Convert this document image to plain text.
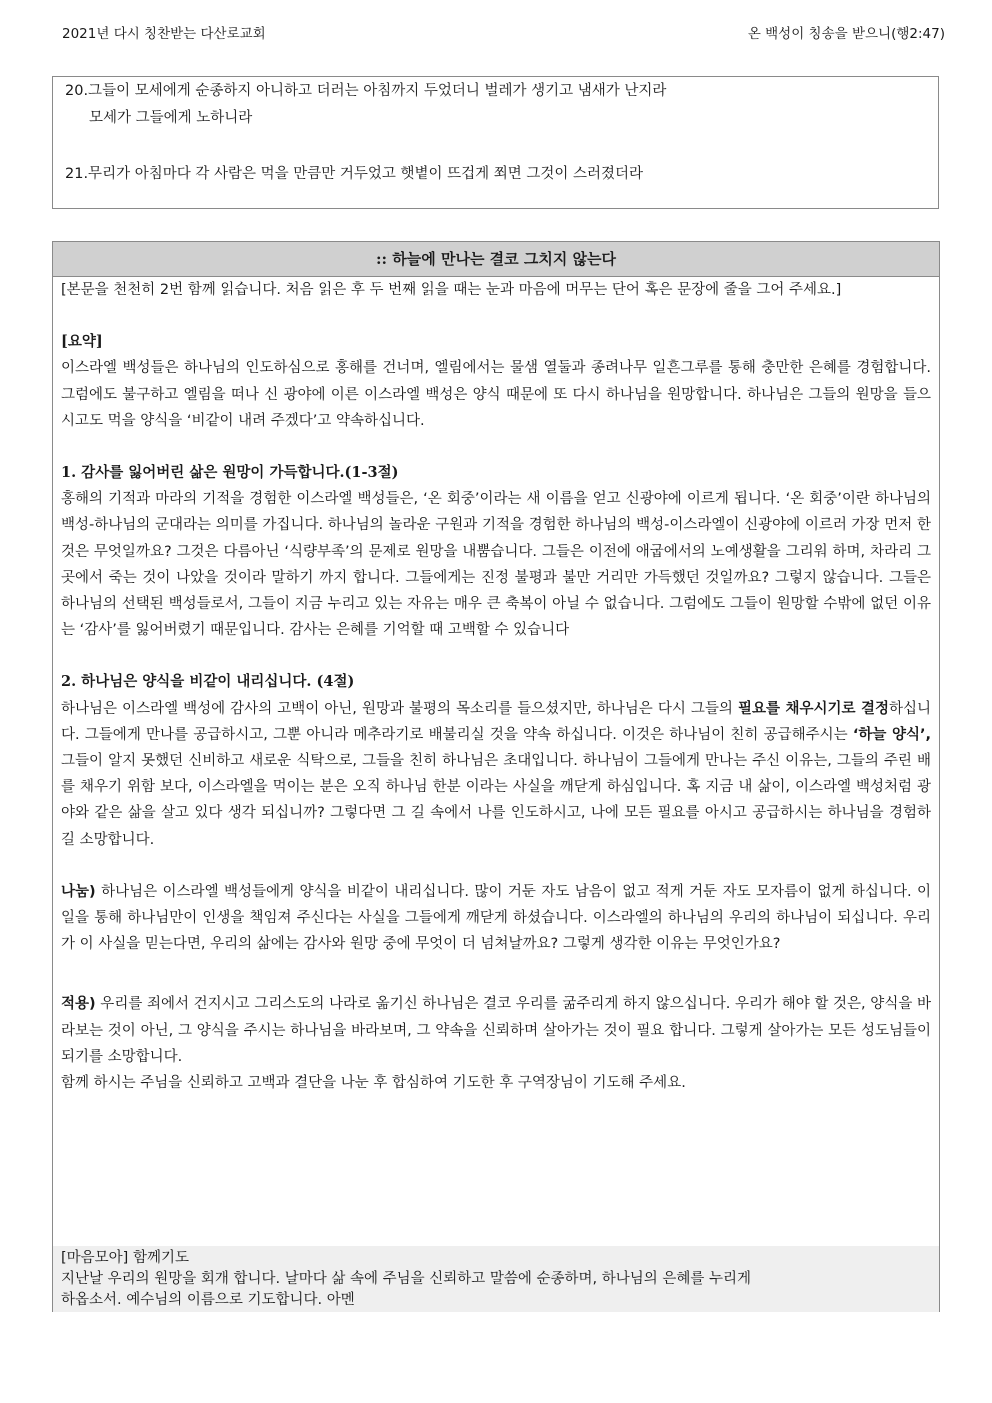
2021년 다시 칭찬받는 다산로교회	온 백성이 칭송을 받으니(행2:47)

20.그들이 모세에게 순종하지 아니하고 더러는 아침까지 두었더니 벌레가 생기고 냄새가 난지라

모세가 그들에게 노하니라

21.무리가 아침마다 각 사람은 먹을 만큼만 거두었고 햇볕이 뜨겁게 쬐면 그것이 스러졌더라

:: 하늘에 만나는 결코 그치지 않는다

[본문을 천천히 2번 함께 읽습니다. 처음 읽은 후 두 번째 읽을 때는 눈과 마음에 머무는 단어 혹은 문장에 줄을 그어 주세요.]

[요약]

이스라엘 백성들은 하나님의 인도하심으로 홍해를 건너며, 엘림에서는 물샘 열둘과 종려나무 일흔그루를 통해 충만한 은혜를 경험합니다. 그럼에도 불구하고 엘림을 떠나 신 광야에 이른 이스라엘 백성은 양식 때문에 또 다시 하나님을 원망합니다. 하나님은 그들의 원망을 들으시고도 먹을 양식을 ‘비같이 내려 주겠다’고 약속하십니다.

1. 감사를 잃어버린 삶은 원망이 가득합니다.(1-3절)

홍해의 기적과 마라의 기적을 경험한 이스라엘 백성들은, ‘온 회중’이라는 새 이름을 얻고 신광야에 이르게 됩니다. ‘온 회중’이란 하나님의 백성-하나님의 군대라는 의미를 가집니다. 하나님의 놀라운 구원과 기적을 경험한 하나님의 백성-이스라엘이 신광야에 이르러 가장 먼저 한 것은 무엇일까요? 그것은 다름아닌 ‘식량부족’의 문제로 원망을 내뿜습니다. 그들은 이전에 애굽에서의 노예생활을 그리워 하며, 차라리 그곳에서 죽는 것이 나았을 것이라 말하기 까지 합니다. 그들에게는 진정 불평과 불만 거리만 가득했던 것일까요? 그렇지 않습니다. 그들은 하나님의 선택된 백성들로서, 그들이 지금 누리고 있는 자유는 매우 큰 축복이 아닐 수 없습니다. 그럼에도 그들이 원망할 수밖에 없던 이유는 ‘감사’를 잃어버렸기 때문입니다. 감사는 은혜를 기억할 때 고백할 수 있습니다

2. 하나님은 양식을 비같이 내리십니다. (4절)

하나님은 이스라엘 백성에 감사의 고백이 아닌, 원망과 불평의 목소리를 들으셨지만, 하나님은 다시 그들의 필요를 채우시기로 결정하십니다. 그들에게 만나를 공급하시고, 그뿐 아니라 메추라기로 배불리실 것을 약속 하십니다. 이것은 하나님이 친히 공급해주시는 ‘하늘 양식’, 그들이 알지 못했던 신비하고 새로운 식탁으로, 그들을 친히 하나님은 초대입니다. 하나님이 그들에게 만나는 주신 이유는, 그들의 주린 배를 채우기 위함 보다, 이스라엘을 먹이는 분은 오직 하나님 한분 이라는 사실을 깨닫게 하심입니다. 혹 지금 내 삶이, 이스라엘 백성처럼 광야와 같은 삶을 살고 있다 생각 되십니까? 그렇다면 그 길 속에서 나를 인도하시고, 나에 모든 필요를 아시고 공급하시는 하나님을 경험하길 소망합니다.

나눔) 하나님은 이스라엘 백성들에게 양식을 비같이 내리십니다. 많이 거둔 자도 남음이 없고 적게 거둔 자도 모자름이 없게 하십니다. 이 일을 통해 하나님만이 인생을 책임져 주신다는 사실을 그들에게 깨닫게 하셨습니다. 이스라엘의 하나님의 우리의 하나님이 되십니다. 우리가 이 사실을 믿는다면, 우리의 삶에는 감사와 원망 중에 무엇이 더 넘쳐날까요? 그렇게 생각한 이유는 무엇인가요?

적용) 우리를 죄에서 건지시고 그리스도의 나라로 옮기신 하나님은 결코 우리를 굶주리게 하지 않으십니다. 우리가 해야 할 것은, 양식을 바라보는 것이 아닌, 그 양식을 주시는 하나님을 바라보며, 그 약속을 신뢰하며 살아가는 것이 필요 합니다. 그렇게 살아가는 모든 성도님들이 되기를 소망합니다.

함께 하시는 주님을 신뢰하고 고백과 결단을 나눈 후 합심하여 기도한 후 구역장님이 기도해 주세요.

[마음모아] 함께기도

지난날 우리의 원망을 회개 합니다. 날마다 삶 속에 주님을 신뢰하고 말씀에 순종하며, 하나님의 은혜를 누리게

하옵소서. 예수님의 이름으로 기도합니다. 아멘
